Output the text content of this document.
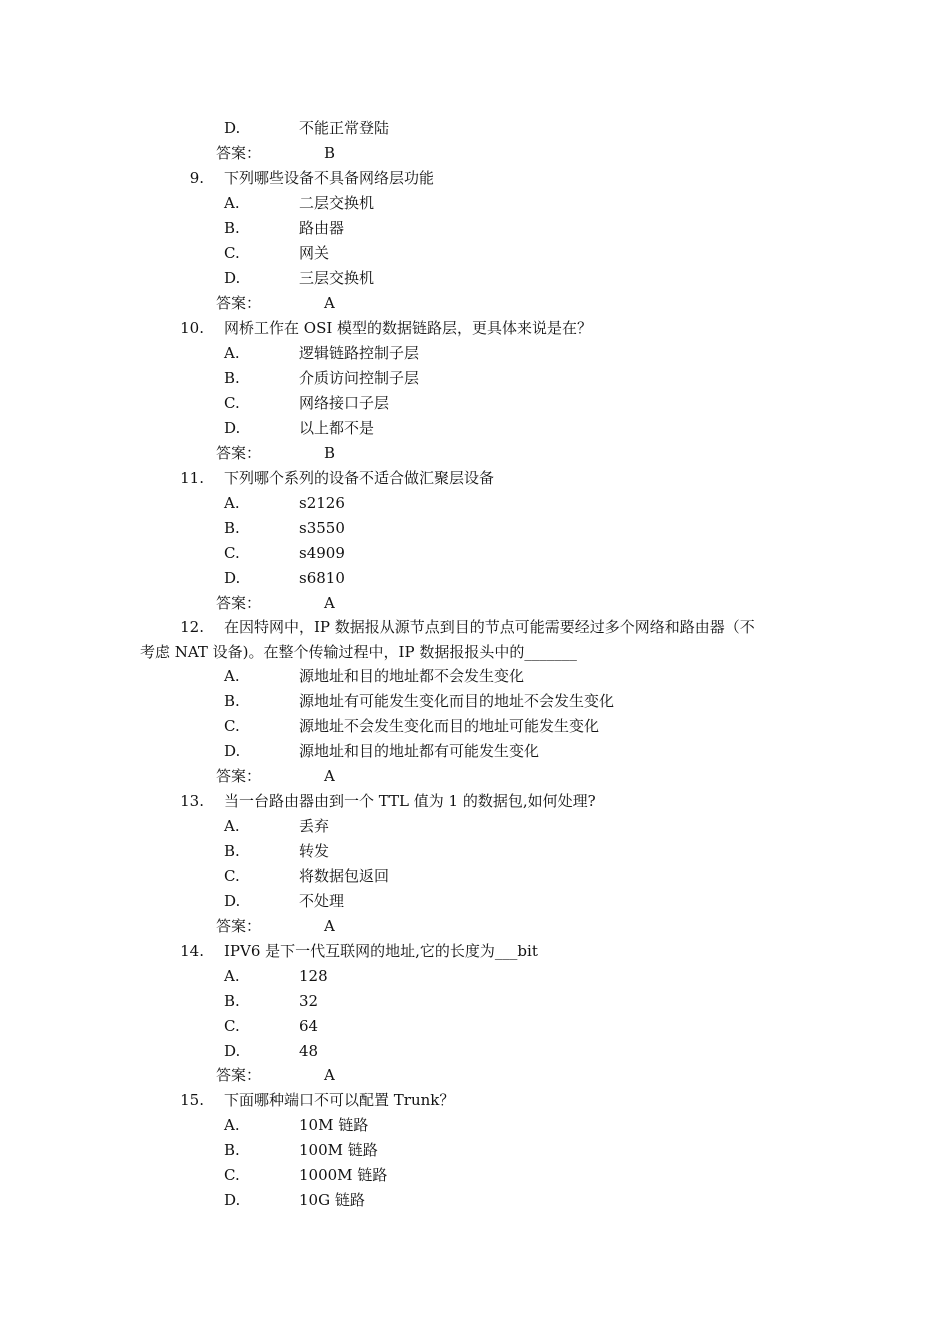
D.	不能正常登陆
答案：	B
9. 下列哪些设备不具备网络层功能
A.	二层交换机
B.	路由器
C.	网关
D.	三层交换机
答案：	A
10. 网桥工作在 OSI 模型的数据链路层，更具体来说是在？
A.	逻辑链路控制子层
B.	介质访问控制子层
C.	网络接口子层
D.	以上都不是
答案：	B
11. 下列哪个系列的设备不适合做汇聚层设备
A.	s2126
B.	s3550
C.	s4909
D.	s6810
答案：	A
12. 在因特网中，IP 数据报从源节点到目的节点可能需要经过多个网络和路由器（不
考虑 NAT 设备)。在整个传输过程中，IP 数据报报头中的_______
A.	源地址和目的地址都不会发生变化
B.	源地址有可能发生变化而目的地址不会发生变化
C.	源地址不会发生变化而目的地址可能发生变化
D.	源地址和目的地址都有可能发生变化
答案：	A
13. 当一台路由器由到一个 TTL 值为 1 的数据包,如何处理?
A.	丢弃
B.	转发
C.	将数据包返回
D.	不处理
答案：	A
14. IPV6 是下一代互联网的地址,它的长度为___bit
A.	128
B.	32
C.	64
D.	48
答案：	A
15. 下面哪种端口不可以配置 Trunk？
A.	10M 链路
B.	100M 链路
C.	1000M 链路
D.	10G 链路
